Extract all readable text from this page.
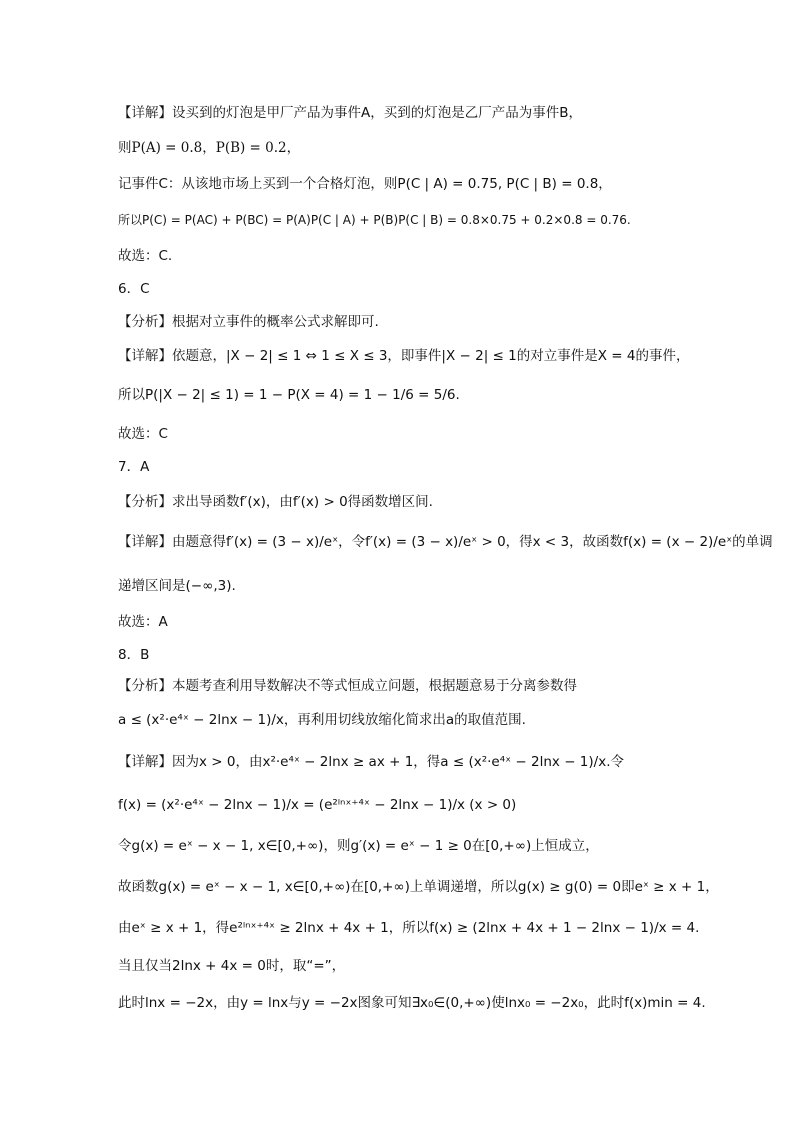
【详解】设买到的灯泡是甲厂产品为事件A，买到的灯泡是乙厂产品为事件B，
则P(A) = 0.8，P(B) = 0.2，
记事件C：从该地市场上买到一个合格灯泡，则P(C | A) = 0.75, P(C | B) = 0.8，
所以P(C) = P(AC) + P(BC) = P(A)P(C | A) + P(B)P(C | B) = 0.8×0.75 + 0.2×0.8 = 0.76.
故选：C.
6．C
【分析】根据对立事件的概率公式求解即可.
【详解】依题意，|X − 2| ≤ 1 ⇔ 1 ≤ X ≤ 3，即事件|X − 2| ≤ 1的对立事件是X = 4的事件，
所以P(|X − 2| ≤ 1) = 1 − P(X = 4) = 1 − 1/6 = 5/6.
故选：C
7．A
【分析】求出导函数f′(x)，由f′(x) > 0得函数增区间.
【详解】由题意得f′(x) = (3 − x)/eˣ，令f′(x) = (3 − x)/eˣ > 0，得x < 3，故函数f(x) = (x − 2)/eˣ的单调
递增区间是(−∞,3).
故选：A
8．B
【分析】本题考查利用导数解决不等式恒成立问题，根据题意易于分离参数得
a ≤ (x²·e⁴ˣ − 2lnx − 1)/x，再利用切线放缩化简求出a的取值范围.
【详解】因为x > 0，由x²·e⁴ˣ − 2lnx ≥ ax + 1，得a ≤ (x²·e⁴ˣ − 2lnx − 1)/x.令
f(x) = (x²·e⁴ˣ − 2lnx − 1)/x = (e²ˡⁿˣ⁺⁴ˣ − 2lnx − 1)/x (x > 0)
令g(x) = eˣ − x − 1, x∈[0,+∞)，则g′(x) = eˣ − 1 ≥ 0在[0,+∞)上恒成立，
故函数g(x) = eˣ − x − 1, x∈[0,+∞)在[0,+∞)上单调递增，所以g(x) ≥ g(0) = 0即eˣ ≥ x + 1，
由eˣ ≥ x + 1，得e²ˡⁿˣ⁺⁴ˣ ≥ 2lnx + 4x + 1，所以f(x) ≥ (2lnx + 4x + 1 − 2lnx − 1)/x = 4.
当且仅当2lnx + 4x = 0时，取“=”，
此时lnx = −2x，由y = lnx与y = −2x图象可知∃x₀∈(0,+∞)使lnx₀ = −2x₀，此时f(x)min = 4.
